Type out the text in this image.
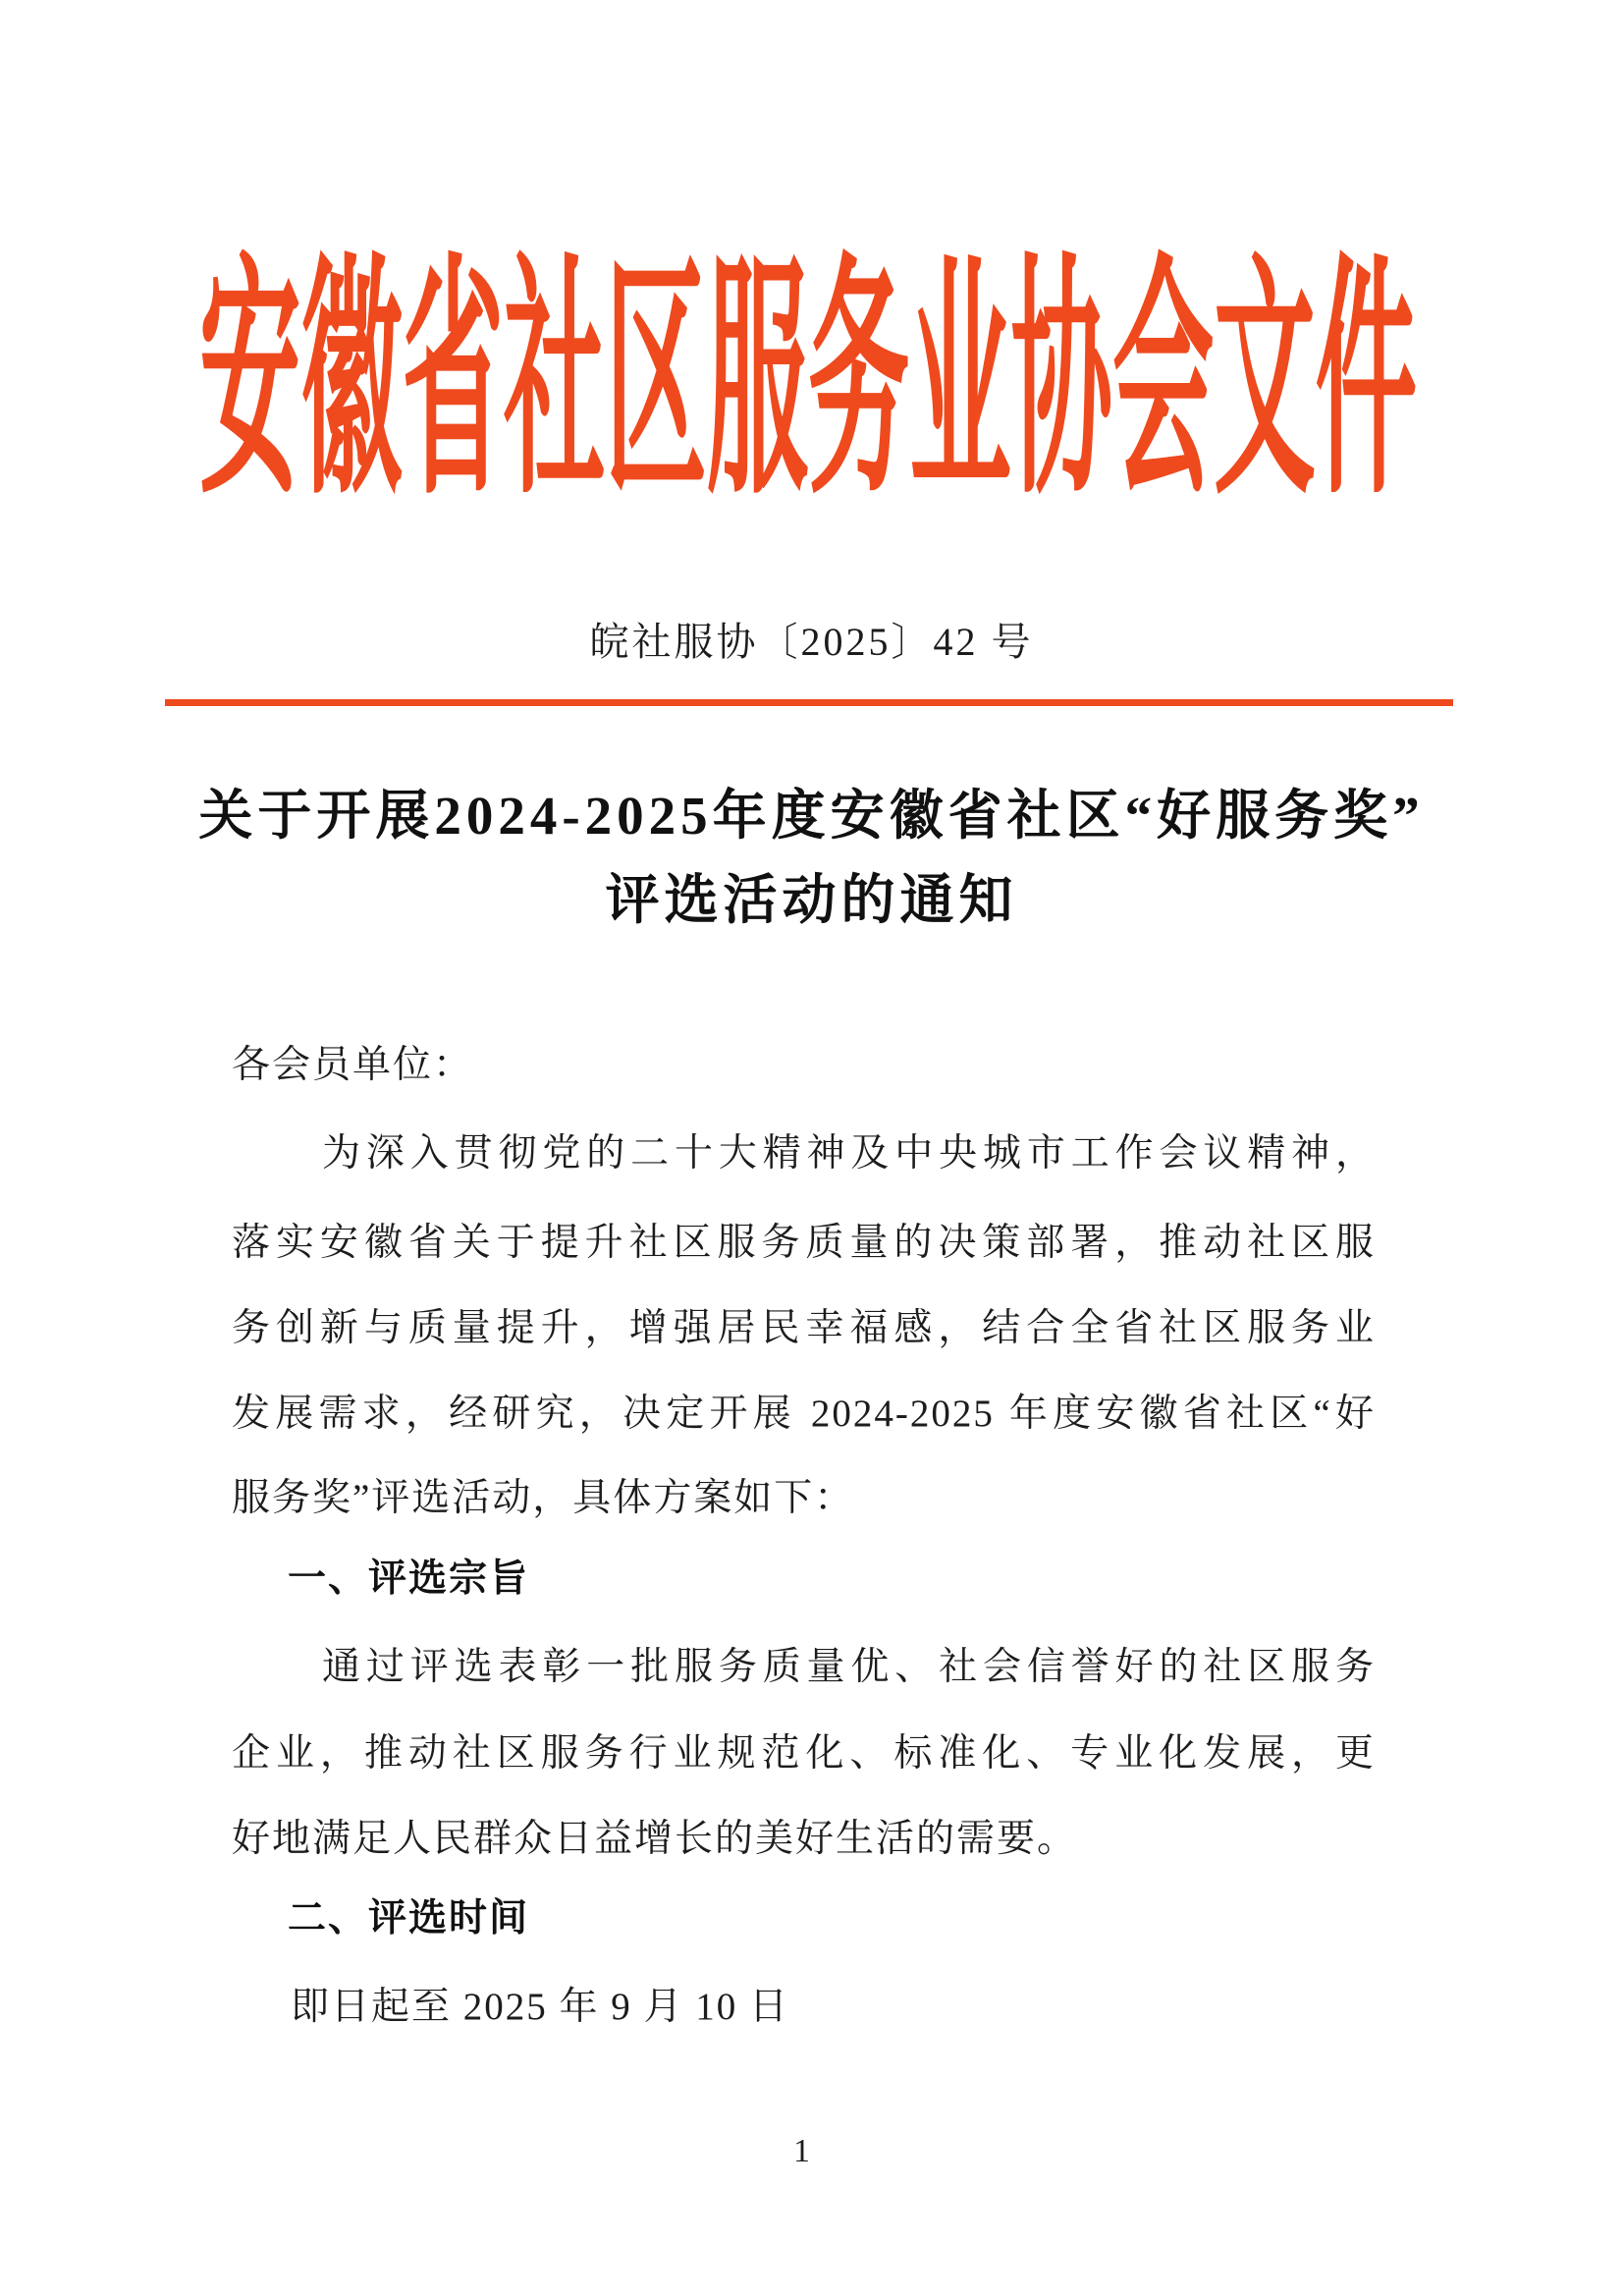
安徽省社区服务业协会文件
皖社服协〔2025〕42 号
关于开展2024-2025年度安徽省社区“好服务奖”
评选活动的通知
各会员单位：
为深入贯彻党的二十大精神及中央城市工作会议精神，
落实安徽省关于提升社区服务质量的决策部署，推动社区服
务创新与质量提升，增强居民幸福感，结合全省社区服务业
发展需求，经研究，决定开展 2024-2025 年度安徽省社区“好
服务奖”评选活动，具体方案如下：
一、评选宗旨
通过评选表彰一批服务质量优、社会信誉好的社区服务
企业，推动社区服务行业规范化、标准化、专业化发展，更
好地满足人民群众日益增长的美好生活的需要。
二、评选时间
即日起至 2025 年 9 月 10 日
1
